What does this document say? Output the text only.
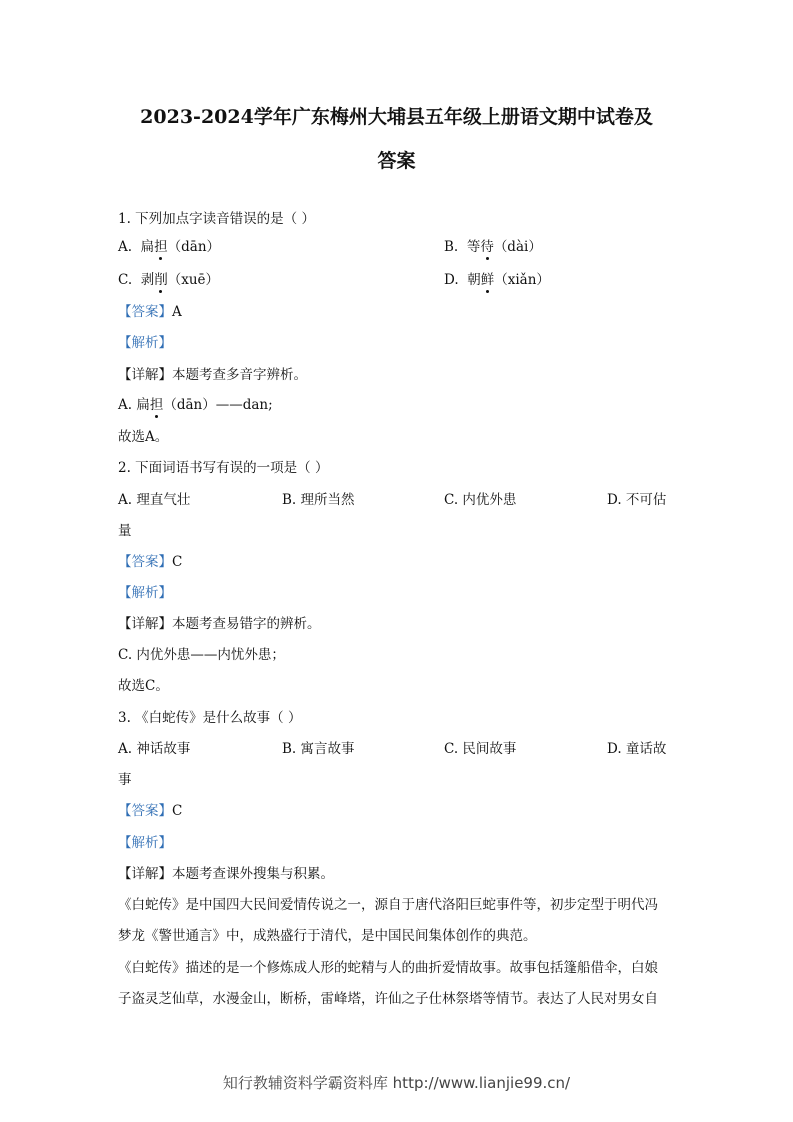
2023-2024学年广东梅州大埔县五年级上册语文期中试卷及
答案
1. 下列加点字读音错误的是（ ）
A. 扁担（dān）	B. 等待（dài）
C. 剥削（xuē）	D. 朝鲜（xiǎn）
【答案】A
【解析】
【详解】本题考查多音字辨析。
A. 扁担（dān）——dan;
故选A。
2. 下面词语书写有误的一项是（ ）
A. 理直气壮	B. 理所当然	C. 内优外患	D. 不可估
量
【答案】C
【解析】
【详解】本题考查易错字的辨析。
C. 内优外患——内忧外患；
故选C。
3. 《白蛇传》是什么故事（ ）
A. 神话故事	B. 寓言故事	C. 民间故事	D. 童话故
事
【答案】C
【解析】
【详解】本题考查课外搜集与积累。
《白蛇传》是中国四大民间爱情传说之一，源自于唐代洛阳巨蛇事件等，初步定型于明代冯
梦龙《警世通言》中，成熟盛行于清代，是中国民间集体创作的典范。
《白蛇传》描述的是一个修炼成人形的蛇精与人的曲折爱情故事。故事包括篷船借伞，白娘
子盗灵芝仙草，水漫金山，断桥，雷峰塔，许仙之子仕林祭塔等情节。表达了人民对男女自
知行教辅资料学霸资料库 http://www.lianjie99.cn/
